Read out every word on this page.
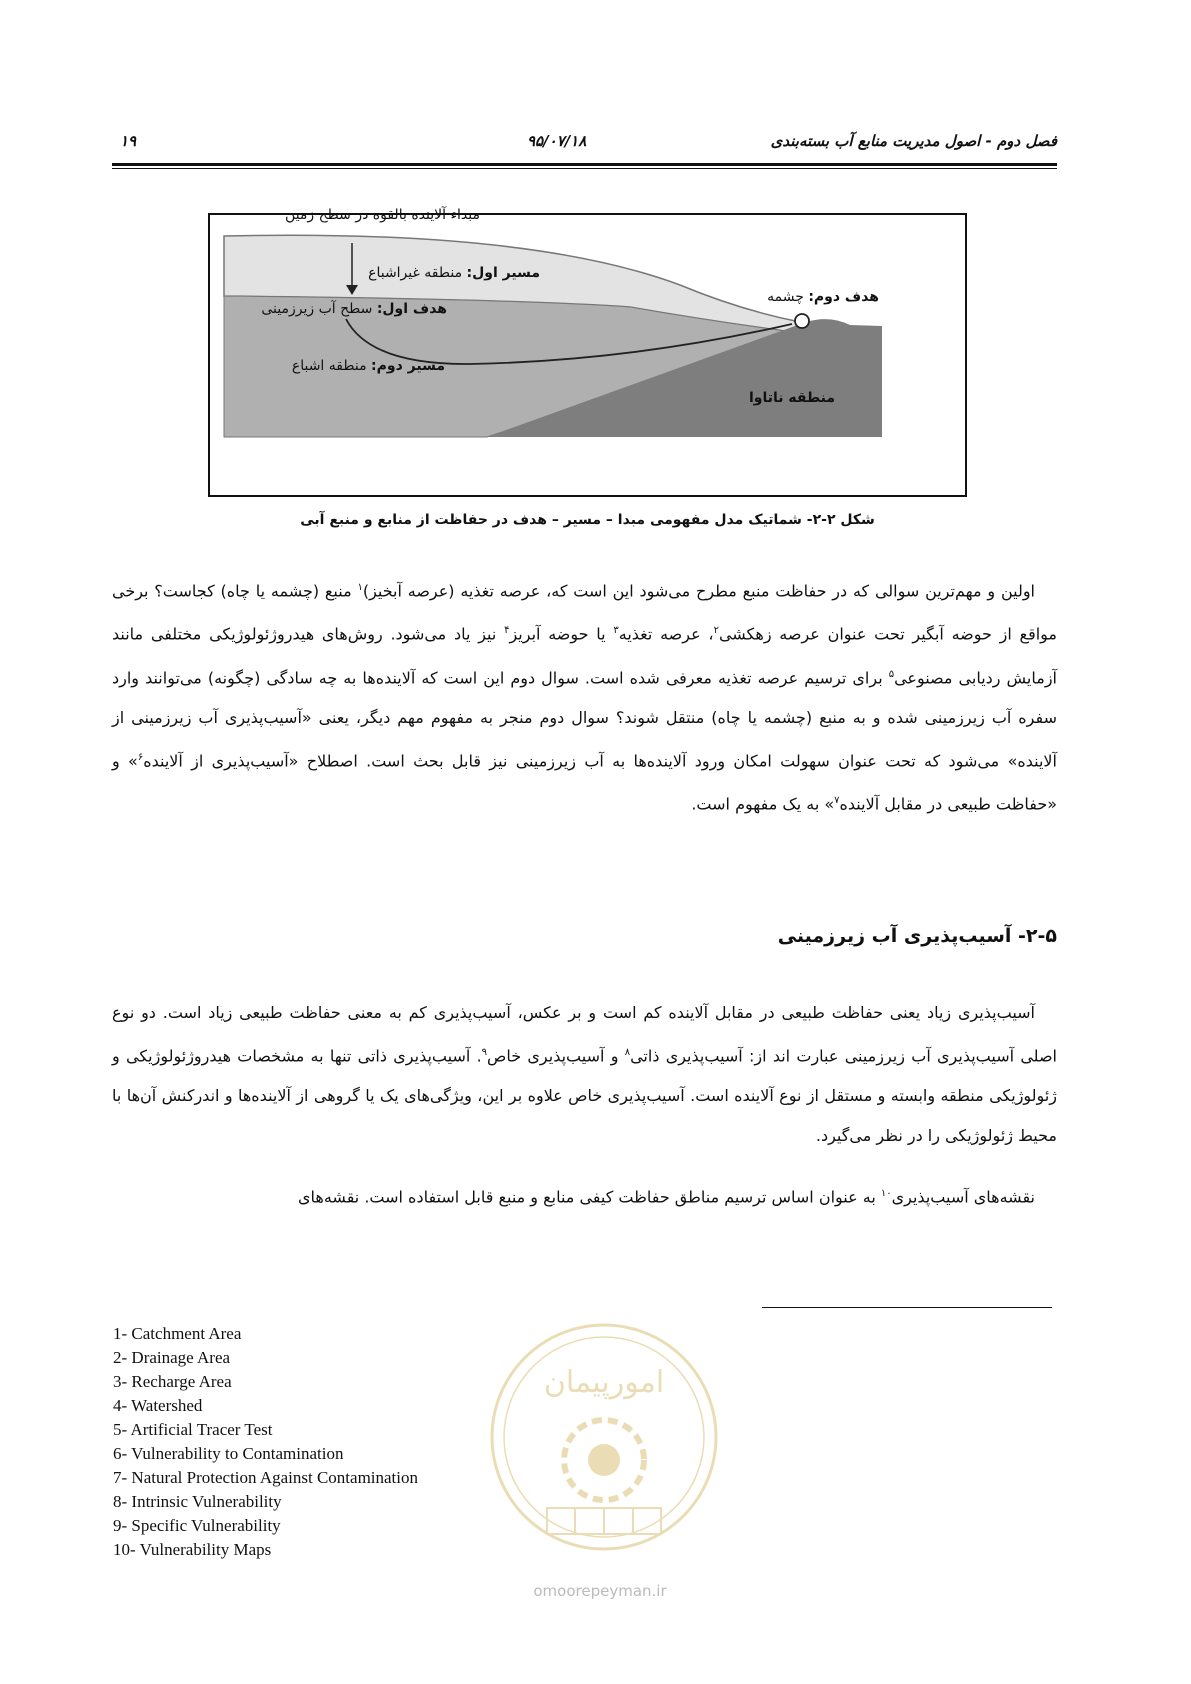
فصل دوم - اصول مدیریت منابع آب بسته‌بندی
۹۵/۰۷/۱۸
۱۹
مبداء آلاینده بالقوه در سطح زمین
مسیر اول: منطقه غیراشباع
هدف اول: سطح آب زیرزمینی
مسیر دوم: منطقه اشباع
هدف دوم: چشمه
منطقه ناتاوا
شکل ۲-۲- شماتیک مدل مفهومی مبدا – مسیر – هدف در حفاظت از منابع و منبع آبی

اولین و مهم‌ترین سوالی که در حفاظت منبع مطرح می‌شود این است که، عرصه تغذیه (عرصه آبخیز)$^۱$ منبع (چشمه یا چاه) کجاست؟ برخی مواقع از حوضه آبگیر تحت عنوان عرصه زهکشی$^۲$، عرصه تغذیه$^۳$ یا حوضه آبریز$^۴$ نیز یاد می‌شود. روش‌های هیدروژئولوژیکی مختلفی مانند آزمایش ردیابی مصنوعی$^۵$ برای ترسیم عرصه تغذیه معرفی شده است. سوال دوم این است که آلاینده‌ها به چه سادگی (چگونه) می‌توانند وارد سفره آب زیرزمینی شده و به منبع (چشمه یا چاه) منتقل شوند؟ سوال دوم منجر به مفهوم مهم دیگر، یعنی «آسیب‌پذیری آب زیرزمینی از آلاینده» می‌شود که تحت عنوان سهولت امکان ورود آلاینده‌ها به آب زیرزمینی نیز قابل بحث است. اصطلاح «آسیب‌پذیری از آلاینده$^۶$» و «حفاظت طبیعی در مقابل آلاینده$^۷$» به یک مفهوم است.

۲-۵- آسیب‌پذیری آب زیرزمینی

آسیب‌پذیری زیاد یعنی حفاظت طبیعی در مقابل آلاینده کم است و بر عکس، آسیب‌پذیری کم به معنی حفاظت طبیعی زیاد است. دو نوع اصلی آسیب‌پذیری آب زیرزمینی عبارت اند از: آسیب‌پذیری ذاتی$^۸$ و آسیب‌پذیری خاص$^۹$. آسیب‌پذیری ذاتی تنها به مشخصات هیدروژئولوژیکی و ژئولوژیکی منطقه وابسته و مستقل از نوع آلاینده است. آسیب‌پذیری خاص علاوه بر این، ویژگی‌های یک یا گروهی از آلاینده‌ها و اندرکنش آن‌ها با محیط ژئولوژیکی را در نظر می‌گیرد.

نقشه‌های آسیب‌پذیری$^{۱۰}$ به عنوان اساس ترسیم مناطق حفاظت کیفی منابع و منبع قابل استفاده است. نقشه‌های

1- Catchment Area
2- Drainage Area
3- Recharge Area
4- Watershed
5- Artificial Tracer Test
6- Vulnerability to Contamination
7- Natural Protection Against Contamination
8- Intrinsic Vulnerability
9- Specific Vulnerability
10- Vulnerability Maps
امورپیمان
omoorepeyman.ir
